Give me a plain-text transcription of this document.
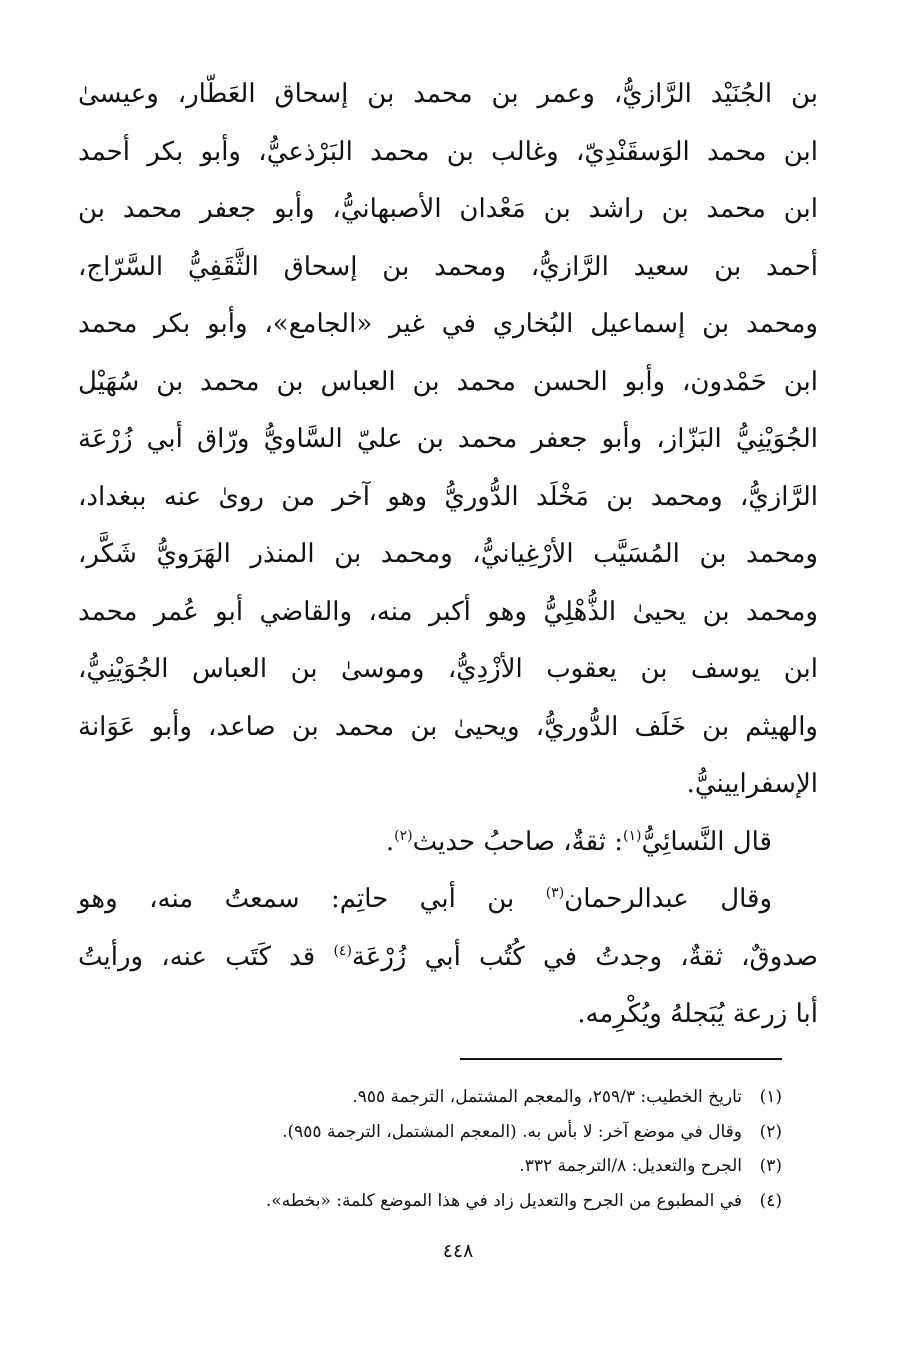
بن الجُنَيْد الرَّازيُّ، وعمر بن محمد بن إسحاق العَطّار، وعيسىٰ
ابن محمد الوَسقَنْدِيّ، وغالب بن محمد البَرْذعيُّ، وأبو بكر أحمد
ابن محمد بن راشد بن مَعْدان الأصبهانيُّ، وأبو جعفر محمد بن
أحمد بن سعيد الرَّازيُّ، ومحمد بن إسحاق الثَّقَفِيُّ السَّرّاج،
ومحمد بن إسماعيل البُخاري في غير «الجامع»، وأبو بكر محمد
ابن حَمْدون، وأبو الحسن محمد بن العباس بن محمد بن سُهَيْل
الجُوَيْنِيُّ البَزّاز، وأبو جعفر محمد بن عليّ السَّاويُّ ورّاق أبي زُرْعَة
الرَّازيُّ، ومحمد بن مَخْلَد الدُّوريُّ وهو آخر من روىٰ عنه ببغداد،
ومحمد بن المُسَيَّب الأرْغِيانيُّ، ومحمد بن المنذر الهَرَويُّ شَكَّر،
ومحمد بن يحيىٰ الذُّهْلِيُّ وهو أكبر منه، والقاضي أبو عُمر محمد
ابن يوسف بن يعقوب الأزْدِيُّ، وموسىٰ بن العباس الجُوَيْنِيُّ،
والهيثم بن خَلَف الدُّوريُّ، ويحيىٰ بن محمد بن صاعد، وأبو عَوَانة
الإسفرايينيُّ.
قال النَّسائِيُّ$^{(١)}$: ثقةٌ، صاحبُ حديث$^{(٢)}$.
وقال عبدالرحمان$^{(٣)}$ بن أبي حاتِم: سمعتُ منه، وهو
صدوقٌ، ثقةٌ، وجدتُ في كُتُب أبي زُرْعَة$^{(٤)}$ قد كَتَب عنه، ورأيتُ
أبا زرعة يُبَجلهُ ويُكْرِمه.
(١)
تاريخ الخطيب: ٢٥٩/٣، والمعجم المشتمل، الترجمة ٩٥٥.
(٢)
وقال في موضع آخر: لا بأس به. (المعجم المشتمل، الترجمة ٩٥٥).
(٣)
الجرح والتعديل: ٨/الترجمة ٣٣٢.
(٤)
في المطبوع من الجرح والتعديل زاد في هذا الموضع كلمة: «بخطه».
٤٤٨
